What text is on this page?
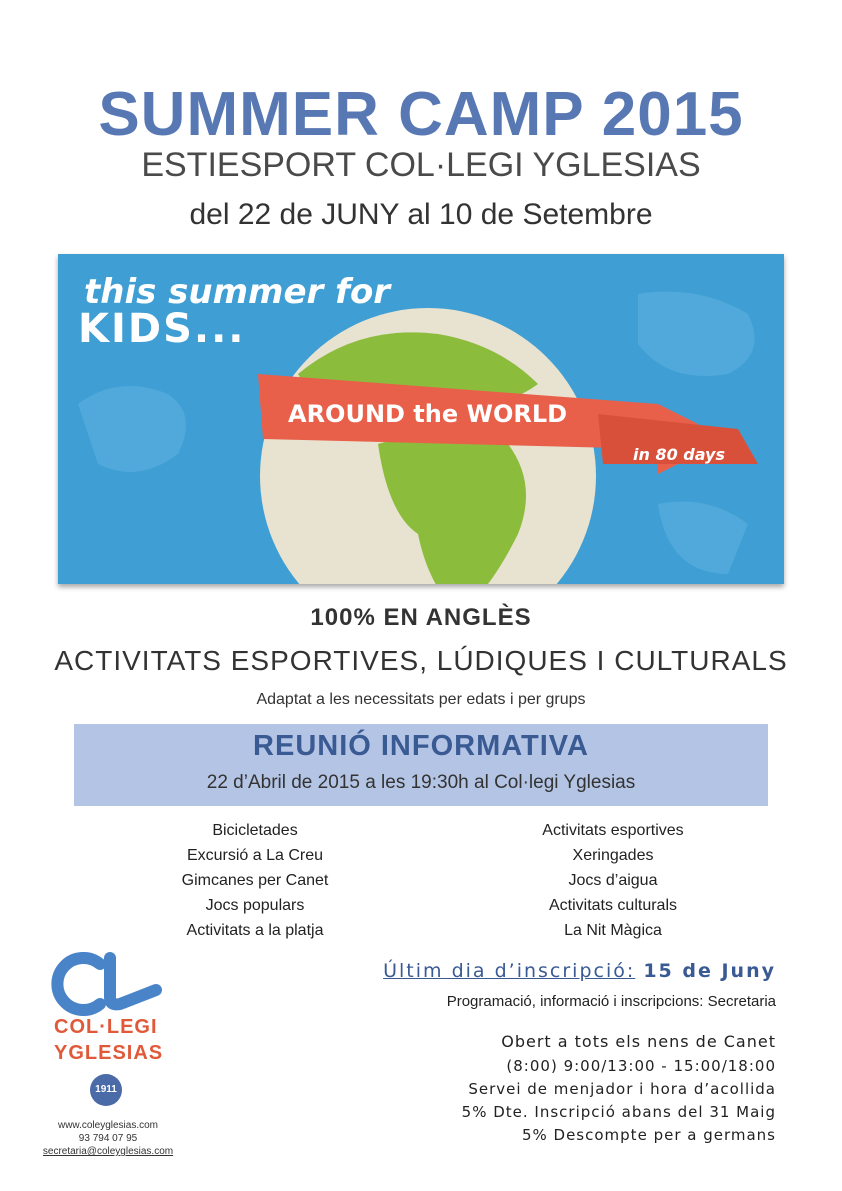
SUMMER CAMP 2015
ESTIESPORT COL·LEGI YGLESIAS
del 22 de JUNY al 10 de Setembre
AROUND the WORLD
in 80 days
this summer for
KIDS...
100% EN ANGLÈS
ACTIVITATS ESPORTIVES, LÚDIQUES I CULTURALS
Adaptat a les necessitats per edats i per grups
REUNIÓ INFORMATIVA
22 d’Abril de 2015 a les 19:30h al Col·legi Yglesias
Bicicletades
Excursió a La Creu
Gimcanes per Canet
Jocs populars
Activitats a la platja
Activitats esportives
Xeringades
Jocs d’aigua
Activitats culturals
La Nit Màgica
COL·LEGI
YGLESIAS
1911
www.coleyglesias.com
93 794 07 95
secretaria@coleyglesias.com
Últim dia d’inscripció: 15 de Juny
Programació, informació i inscripcions: Secretaria
Obert a tots els nens de Canet
(8:00) 9:00/13:00 - 15:00/18:00
Servei de menjador i hora d’acollida
5% Dte. Inscripció abans del 31 Maig
5% Descompte per a germans
